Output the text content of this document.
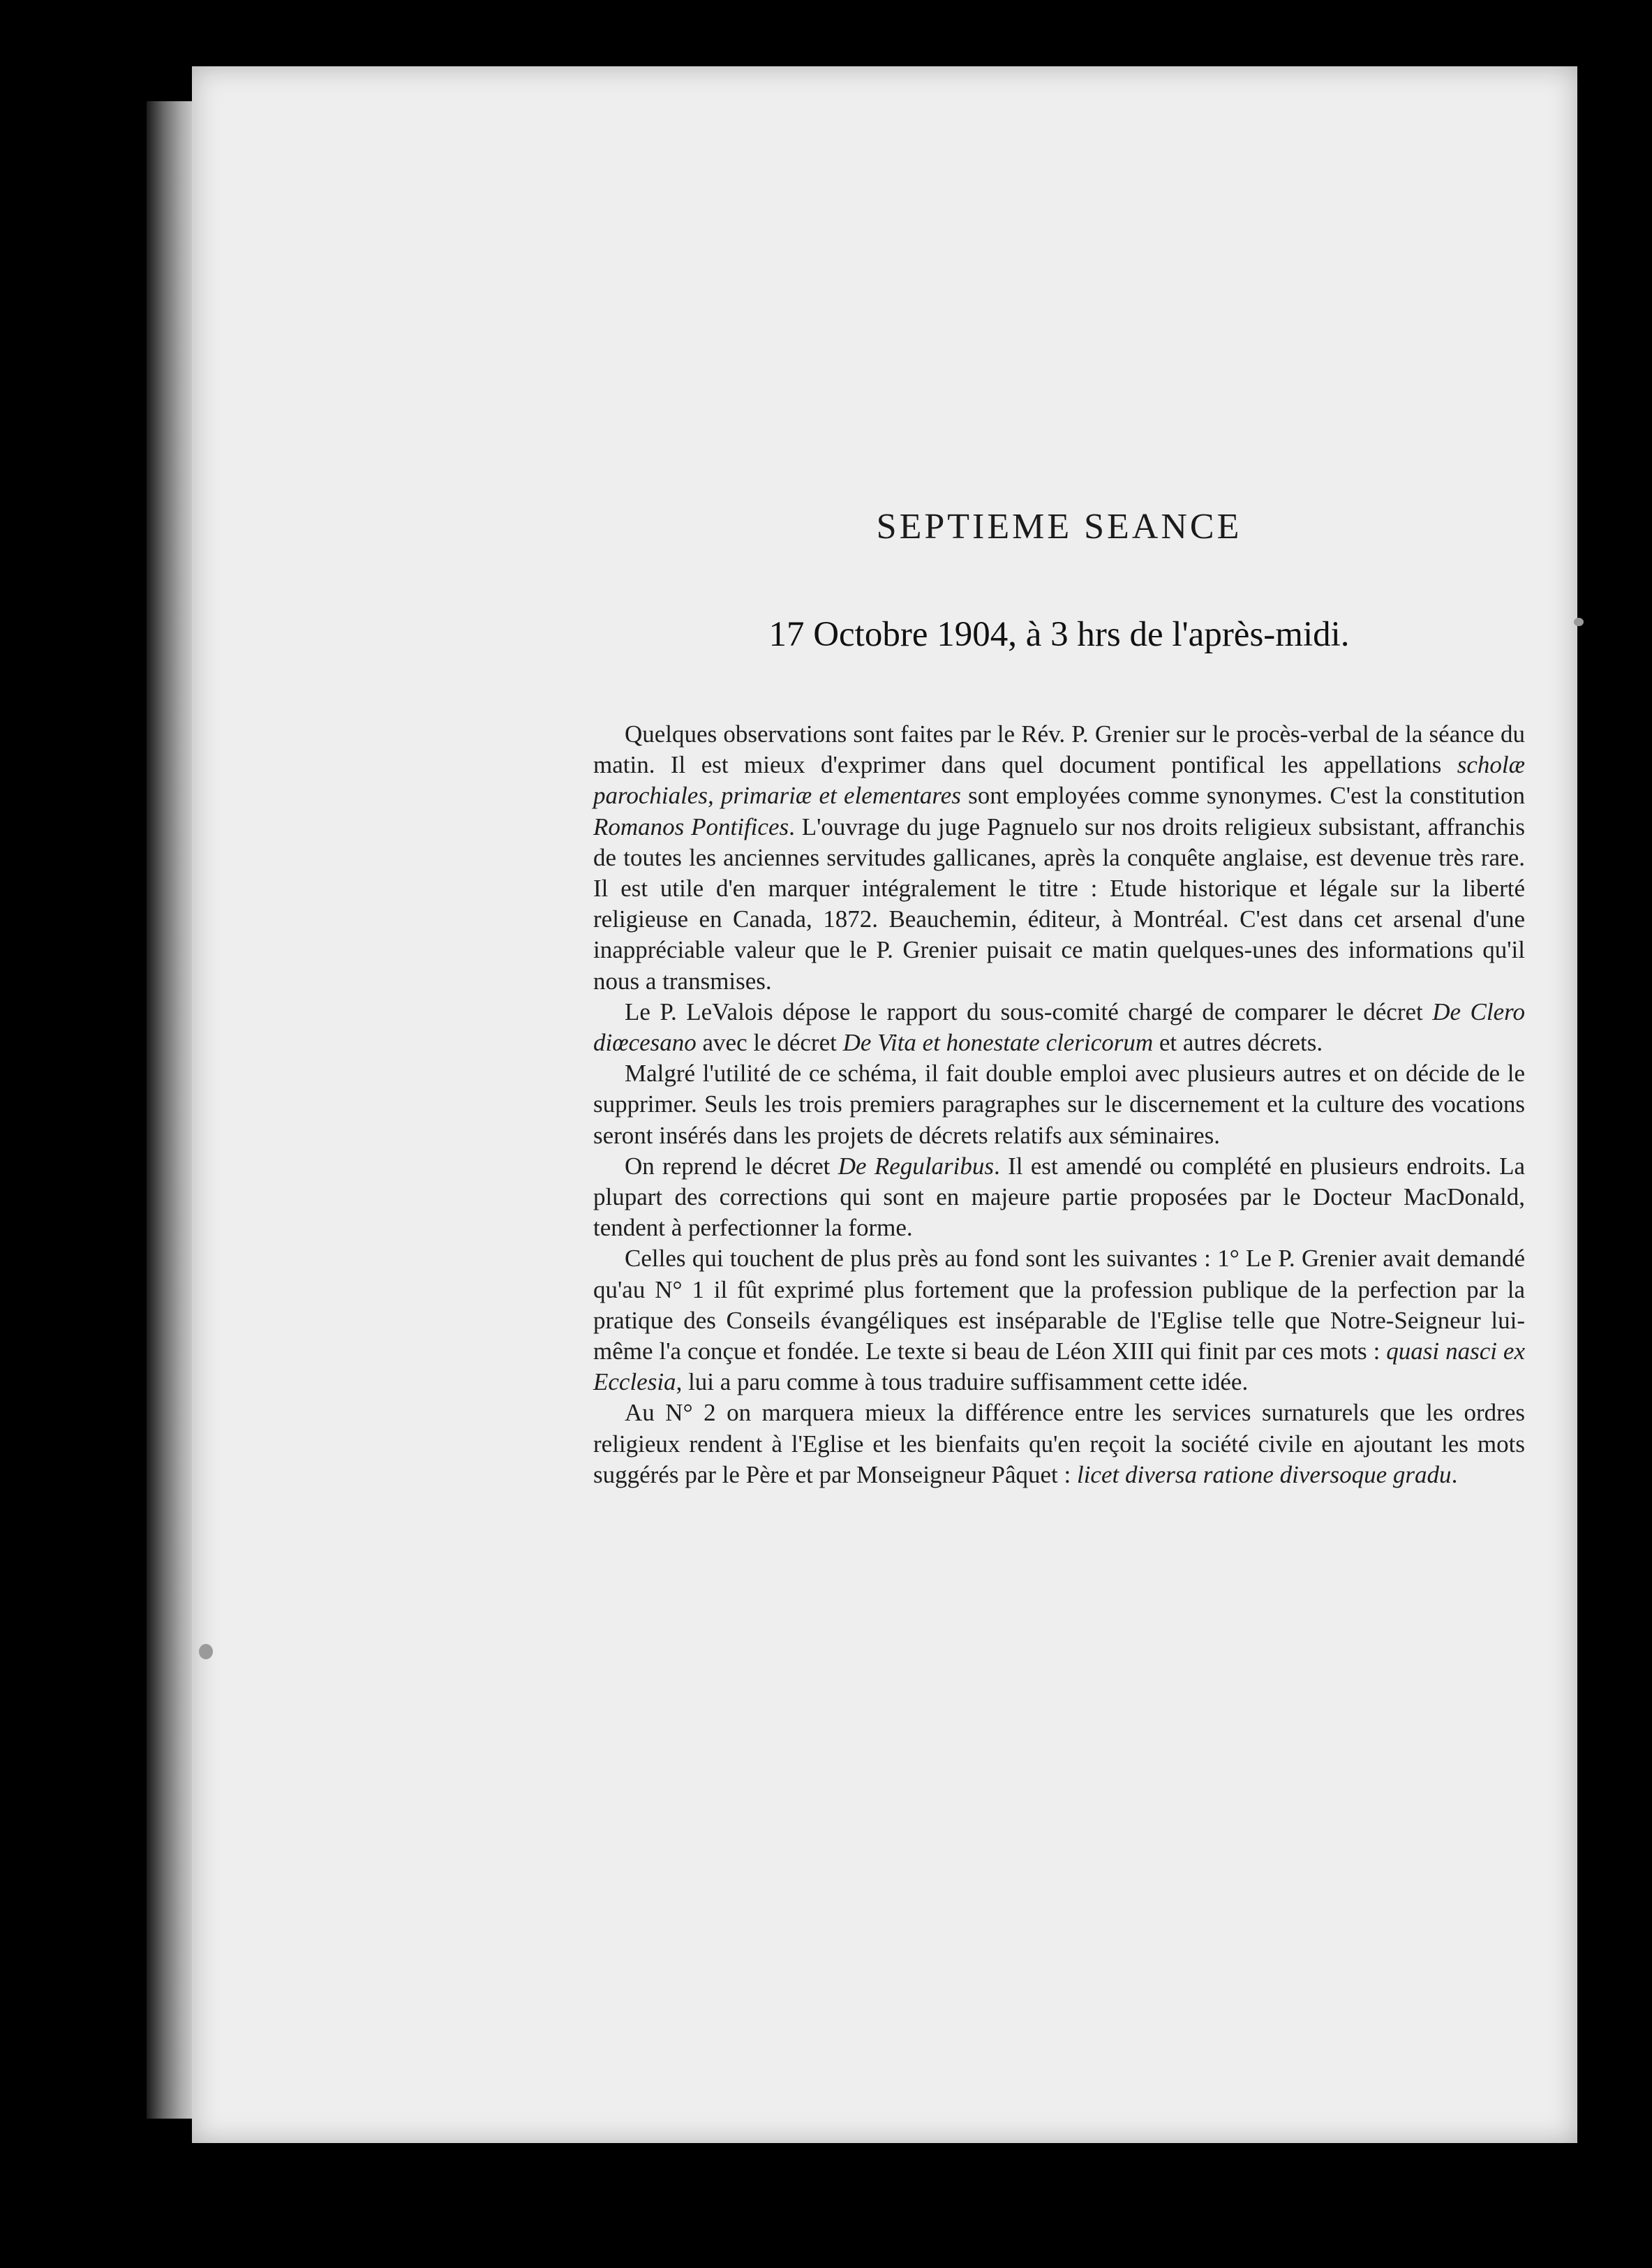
SEPTIEME SEANCE
17 Octobre 1904, à 3 hrs de l'après-midi.

Quelques observations sont faites par le Rév. P. Grenier sur le procès-verbal de la séance du matin. Il est mieux d'exprimer dans quel document pontifical les appellations scholæ parochiales, primariæ et elementares sont employées comme synonymes. C'est la constitution Romanos Pontifices. L'ouvrage du juge Pagnuelo sur nos droits religieux subsistant, affranchis de toutes les anciennes servitudes gallicanes, après la conquête anglaise, est devenue très rare. Il est utile d'en marquer intégralement le titre : Etude historique et légale sur la liberté religieuse en Canada, 1872. Beauchemin, éditeur, à Montréal. C'est dans cet arsenal d'une inappréciable valeur que le P. Grenier puisait ce matin quelques-unes des informations qu'il nous a transmises.

Le P. LeValois dépose le rapport du sous-comité chargé de comparer le décret De Clero diœcesano avec le décret De Vita et honestate clericorum et autres décrets.

Malgré l'utilité de ce schéma, il fait double emploi avec plusieurs autres et on décide de le supprimer. Seuls les trois premiers paragraphes sur le discernement et la culture des vocations seront insérés dans les projets de décrets relatifs aux séminaires.

On reprend le décret De Regularibus. Il est amendé ou complété en plusieurs endroits. La plupart des corrections qui sont en majeure partie proposées par le Docteur MacDonald, tendent à perfectionner la forme.

Celles qui touchent de plus près au fond sont les suivantes : 1° Le P. Grenier avait demandé qu'au N° 1 il fût exprimé plus fortement que la profession publique de la perfection par la pratique des Conseils évangéliques est inséparable de l'Eglise telle que Notre-Seigneur lui-même l'a conçue et fondée. Le texte si beau de Léon XIII qui finit par ces mots : quasi nasci ex Ecclesia, lui a paru comme à tous traduire suffisamment cette idée.

Au N° 2 on marquera mieux la différence entre les services surnaturels que les ordres religieux rendent à l'Eglise et les bienfaits qu'en reçoit la société civile en ajoutant les mots suggérés par le Père et par Monseigneur Pâquet : licet diversa ratione diversoque gradu.
